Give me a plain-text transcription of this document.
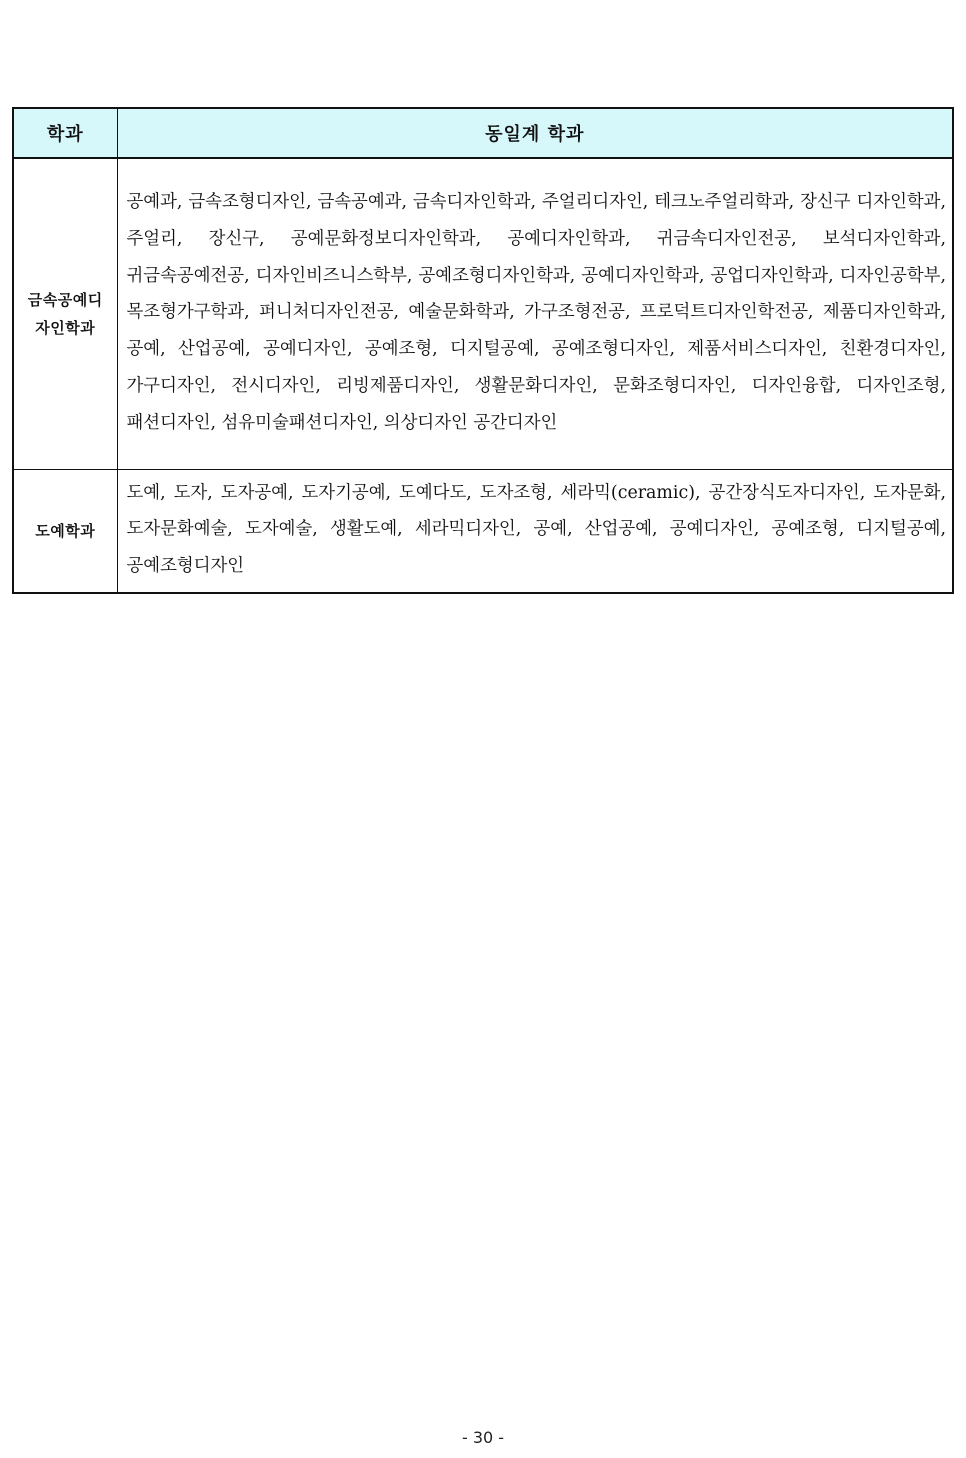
학과	동일계 학과
금속공예디
자인학과	공예과, 금속조형디자인, 금속공예과, 금속디자인학과, 주얼리디자인, 테크노주얼리학과, 장신구 디자인학과, 주얼리, 장신구, 공예문화정보디자인학과, 공예디자인학과, 귀금속디자인전공, 보석디자인학과, 귀금속공예전공, 디자인비즈니스학부, 공예조형디자인학과, 공예디자인학과, 공업디자인학과, 디자인공학부, 목조형가구학과, 퍼니처디자인전공, 예술문화학과, 가구조형전공, 프로덕트디자인학전공, 제품디자인학과, 공예, 산업공예, 공예디자인, 공예조형, 디지털공예, 공예조형디자인, 제품서비스디자인, 친환경디자인, 가구디자인, 전시디자인, 리빙제품디자인, 생활문화디자인, 문화조형디자인, 디자인융합, 디자인조형, 패션디자인, 섬유미술패션디자인, 의상디자인 공간디자인
도예학과	도예, 도자, 도자공예, 도자기공예, 도예다도, 도자조형, 세라믹(ceramic), 공간장식도자디자인, 도자문화, 도자문화예술, 도자예술, 생활도예, 세라믹디자인, 공예, 산업공예, 공예디자인, 공예조형, 디지털공예, 공예조형디자인
- 30 -
